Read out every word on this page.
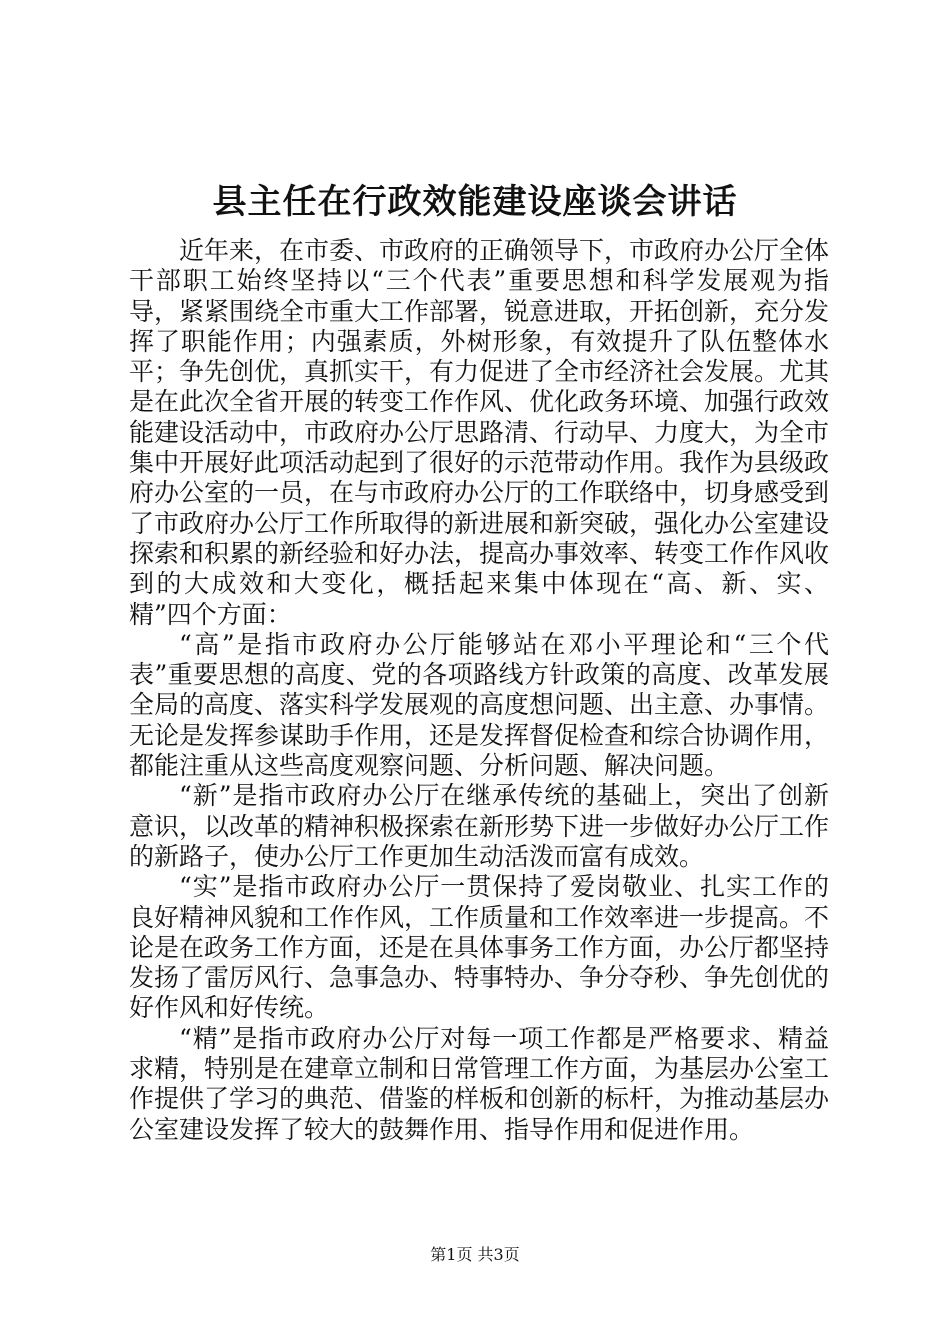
县主任在行政效能建设座谈会讲话

近年来，在市委、市政府的正确领导下，市政府办公厅全体干部职工始终坚持以“三个代表”重要思想和科学发展观为指导，紧紧围绕全市重大工作部署，锐意进取，开拓创新，充分发挥了职能作用；内强素质，外树形象，有效提升了队伍整体水平；争先创优，真抓实干，有力促进了全市经济社会发展。尤其是在此次全省开展的转变工作作风、优化政务环境、加强行政效能建设活动中，市政府办公厅思路清、行动早、力度大，为全市集中开展好此项活动起到了很好的示范带动作用。我作为县级政府办公室的一员，在与市政府办公厅的工作联络中，切身感受到了市政府办公厅工作所取得的新进展和新突破，强化办公室建设探索和积累的新经验和好办法，提高办事效率、转变工作作风收到的大成效和大变化，概括起来集中体现在“高、新、实、精”四个方面：

“高”是指市政府办公厅能够站在邓小平理论和“三个代表”重要思想的高度、党的各项路线方针政策的高度、改革发展全局的高度、落实科学发展观的高度想问题、出主意、办事情。无论是发挥参谋助手作用，还是发挥督促检查和综合协调作用，都能注重从这些高度观察问题、分析问题、解决问题。

“新”是指市政府办公厅在继承传统的基础上，突出了创新意识，以改革的精神积极探索在新形势下进一步做好办公厅工作的新路子，使办公厅工作更加生动活泼而富有成效。

“实”是指市政府办公厅一贯保持了爱岗敬业、扎实工作的良好精神风貌和工作作风，工作质量和工作效率进一步提高。不论是在政务工作方面，还是在具体事务工作方面，办公厅都坚持发扬了雷厉风行、急事急办、特事特办、争分夺秒、争先创优的好作风和好传统。

“精”是指市政府办公厅对每一项工作都是严格要求、精益求精，特别是在建章立制和日常管理工作方面，为基层办公室工作提供了学习的典范、借鉴的样板和创新的标杆，为推动基层办公室建设发挥了较大的鼓舞作用、指导作用和促进作用。

第1页 共3页
